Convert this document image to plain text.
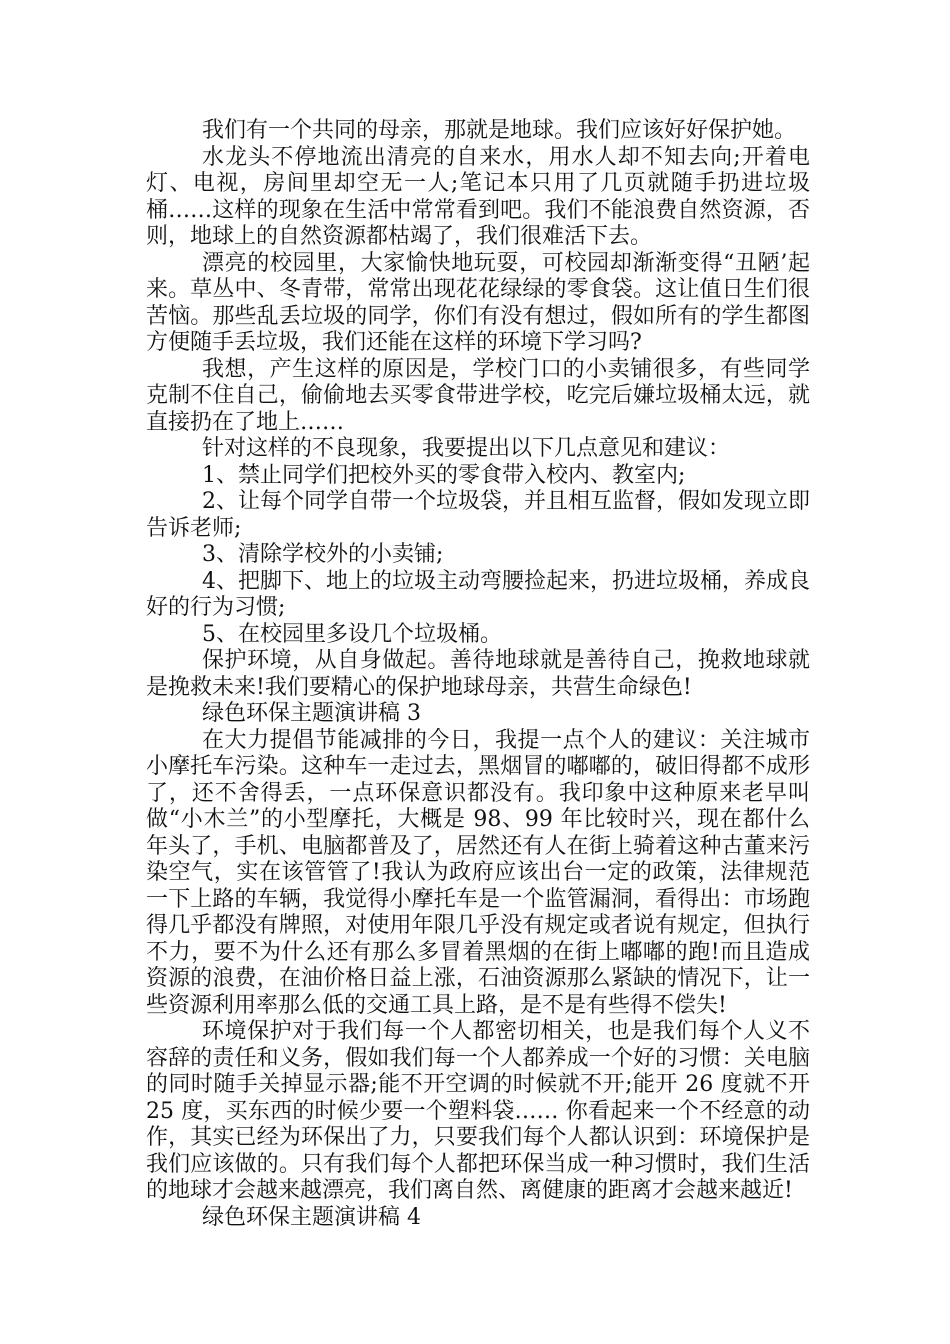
我们有一个共同的母亲，那就是地球。我们应该好好保护她。

水龙头不停地流出清亮的自来水，用水人却不知去向;开着电灯、电视，房间里却空无一人;笔记本只用了几页就随手扔进垃圾桶……这样的现象在生活中常常看到吧。我们不能浪费自然资源，否则，地球上的自然资源都枯竭了，我们很难活下去。

漂亮的校园里，大家愉快地玩耍，可校园却渐渐变得“丑陋’起来。草丛中、冬青带，常常出现花花绿绿的零食袋。这让值日生们很苦恼。那些乱丢垃圾的同学，你们有没有想过，假如所有的学生都图方便随手丢垃圾，我们还能在这样的环境下学习吗?

我想，产生这样的原因是，学校门口的小卖铺很多，有些同学克制不住自己，偷偷地去买零食带进学校，吃完后嫌垃圾桶太远，就直接扔在了地上……

针对这样的不良现象，我要提出以下几点意见和建议：

1、禁止同学们把校外买的零食带入校内、教室内;

2、让每个同学自带一个垃圾袋，并且相互监督，假如发现立即告诉老师;

3、清除学校外的小卖铺;

4、把脚下、地上的垃圾主动弯腰捡起来，扔进垃圾桶，养成良好的行为习惯;

5、在校园里多设几个垃圾桶。

保护环境，从自身做起。善待地球就是善待自己，挽救地球就是挽救未来!我们要精心的保护地球母亲，共营生命绿色!

绿色环保主题演讲稿 3

在大力提倡节能减排的今日，我提一点个人的建议：关注城市小摩托车污染。这种车一走过去，黑烟冒的嘟嘟的，破旧得都不成形了，还不舍得丢，一点环保意识都没有。我印象中这种原来老早叫做“小木兰”的小型摩托，大概是 98、99 年比较时兴，现在都什么年头了，手机、电脑都普及了，居然还有人在街上骑着这种古董来污染空气，实在该管管了!我认为政府应该出台一定的政策，法律规范一下上路的车辆，我觉得小摩托车是一个监管漏洞，看得出：市场跑得几乎都没有牌照，对使用年限几乎没有规定或者说有规定，但执行不力，要不为什么还有那么多冒着黑烟的在街上嘟嘟的跑!而且造成资源的浪费，在油价格日益上涨，石油资源那么紧缺的情况下，让一些资源利用率那么低的交通工具上路，是不是有些得不偿失!

环境保护对于我们每一个人都密切相关，也是我们每个人义不容辞的责任和义务，假如我们每一个人都养成一个好的习惯：关电脑的同时随手关掉显示器;能不开空调的时候就不开;能开 26 度就不开 25 度，买东西的时候少要一个塑料袋…… 你看起来一个不经意的动作，其实已经为环保出了力，只要我们每个人都认识到：环境保护是我们应该做的。只有我们每个人都把环保当成一种习惯时，我们生活的地球才会越来越漂亮，我们离自然、离健康的距离才会越来越近!

绿色环保主题演讲稿 4
